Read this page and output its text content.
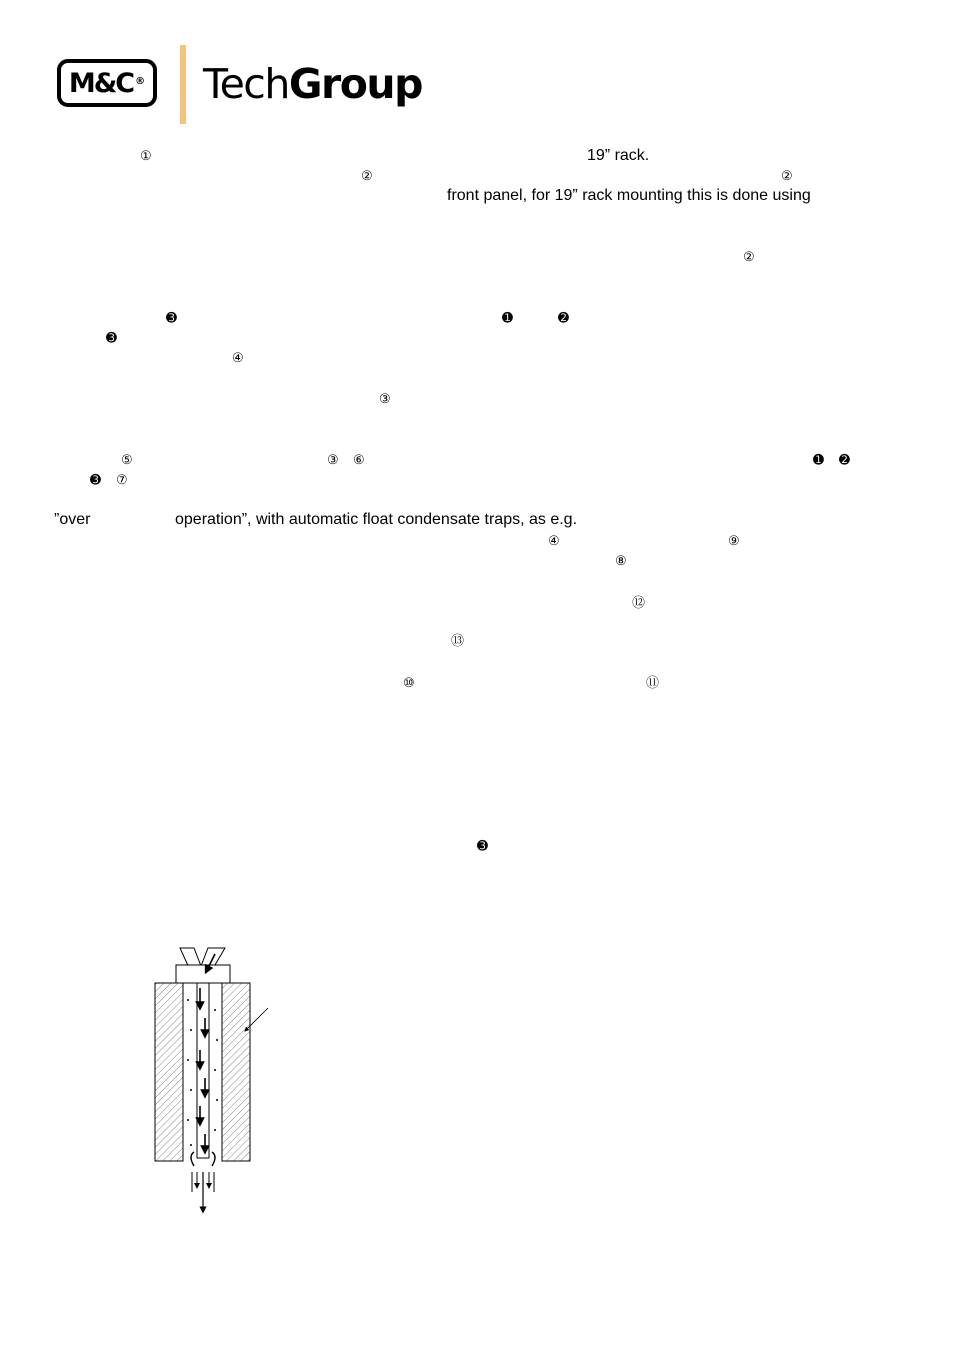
M&C® TechGroup
①	19” rack.
②	②
front panel, for 19” rack mounting this is done using
②
➌	➊	➋
➌
④
③
⑤	③ ⑥	➊ ➋
➌ ⑦
”over	operation”, with automatic float condensate traps, as e.g.
④	⑨
⑧
⑫
⑬
⑩	⑪
➌
